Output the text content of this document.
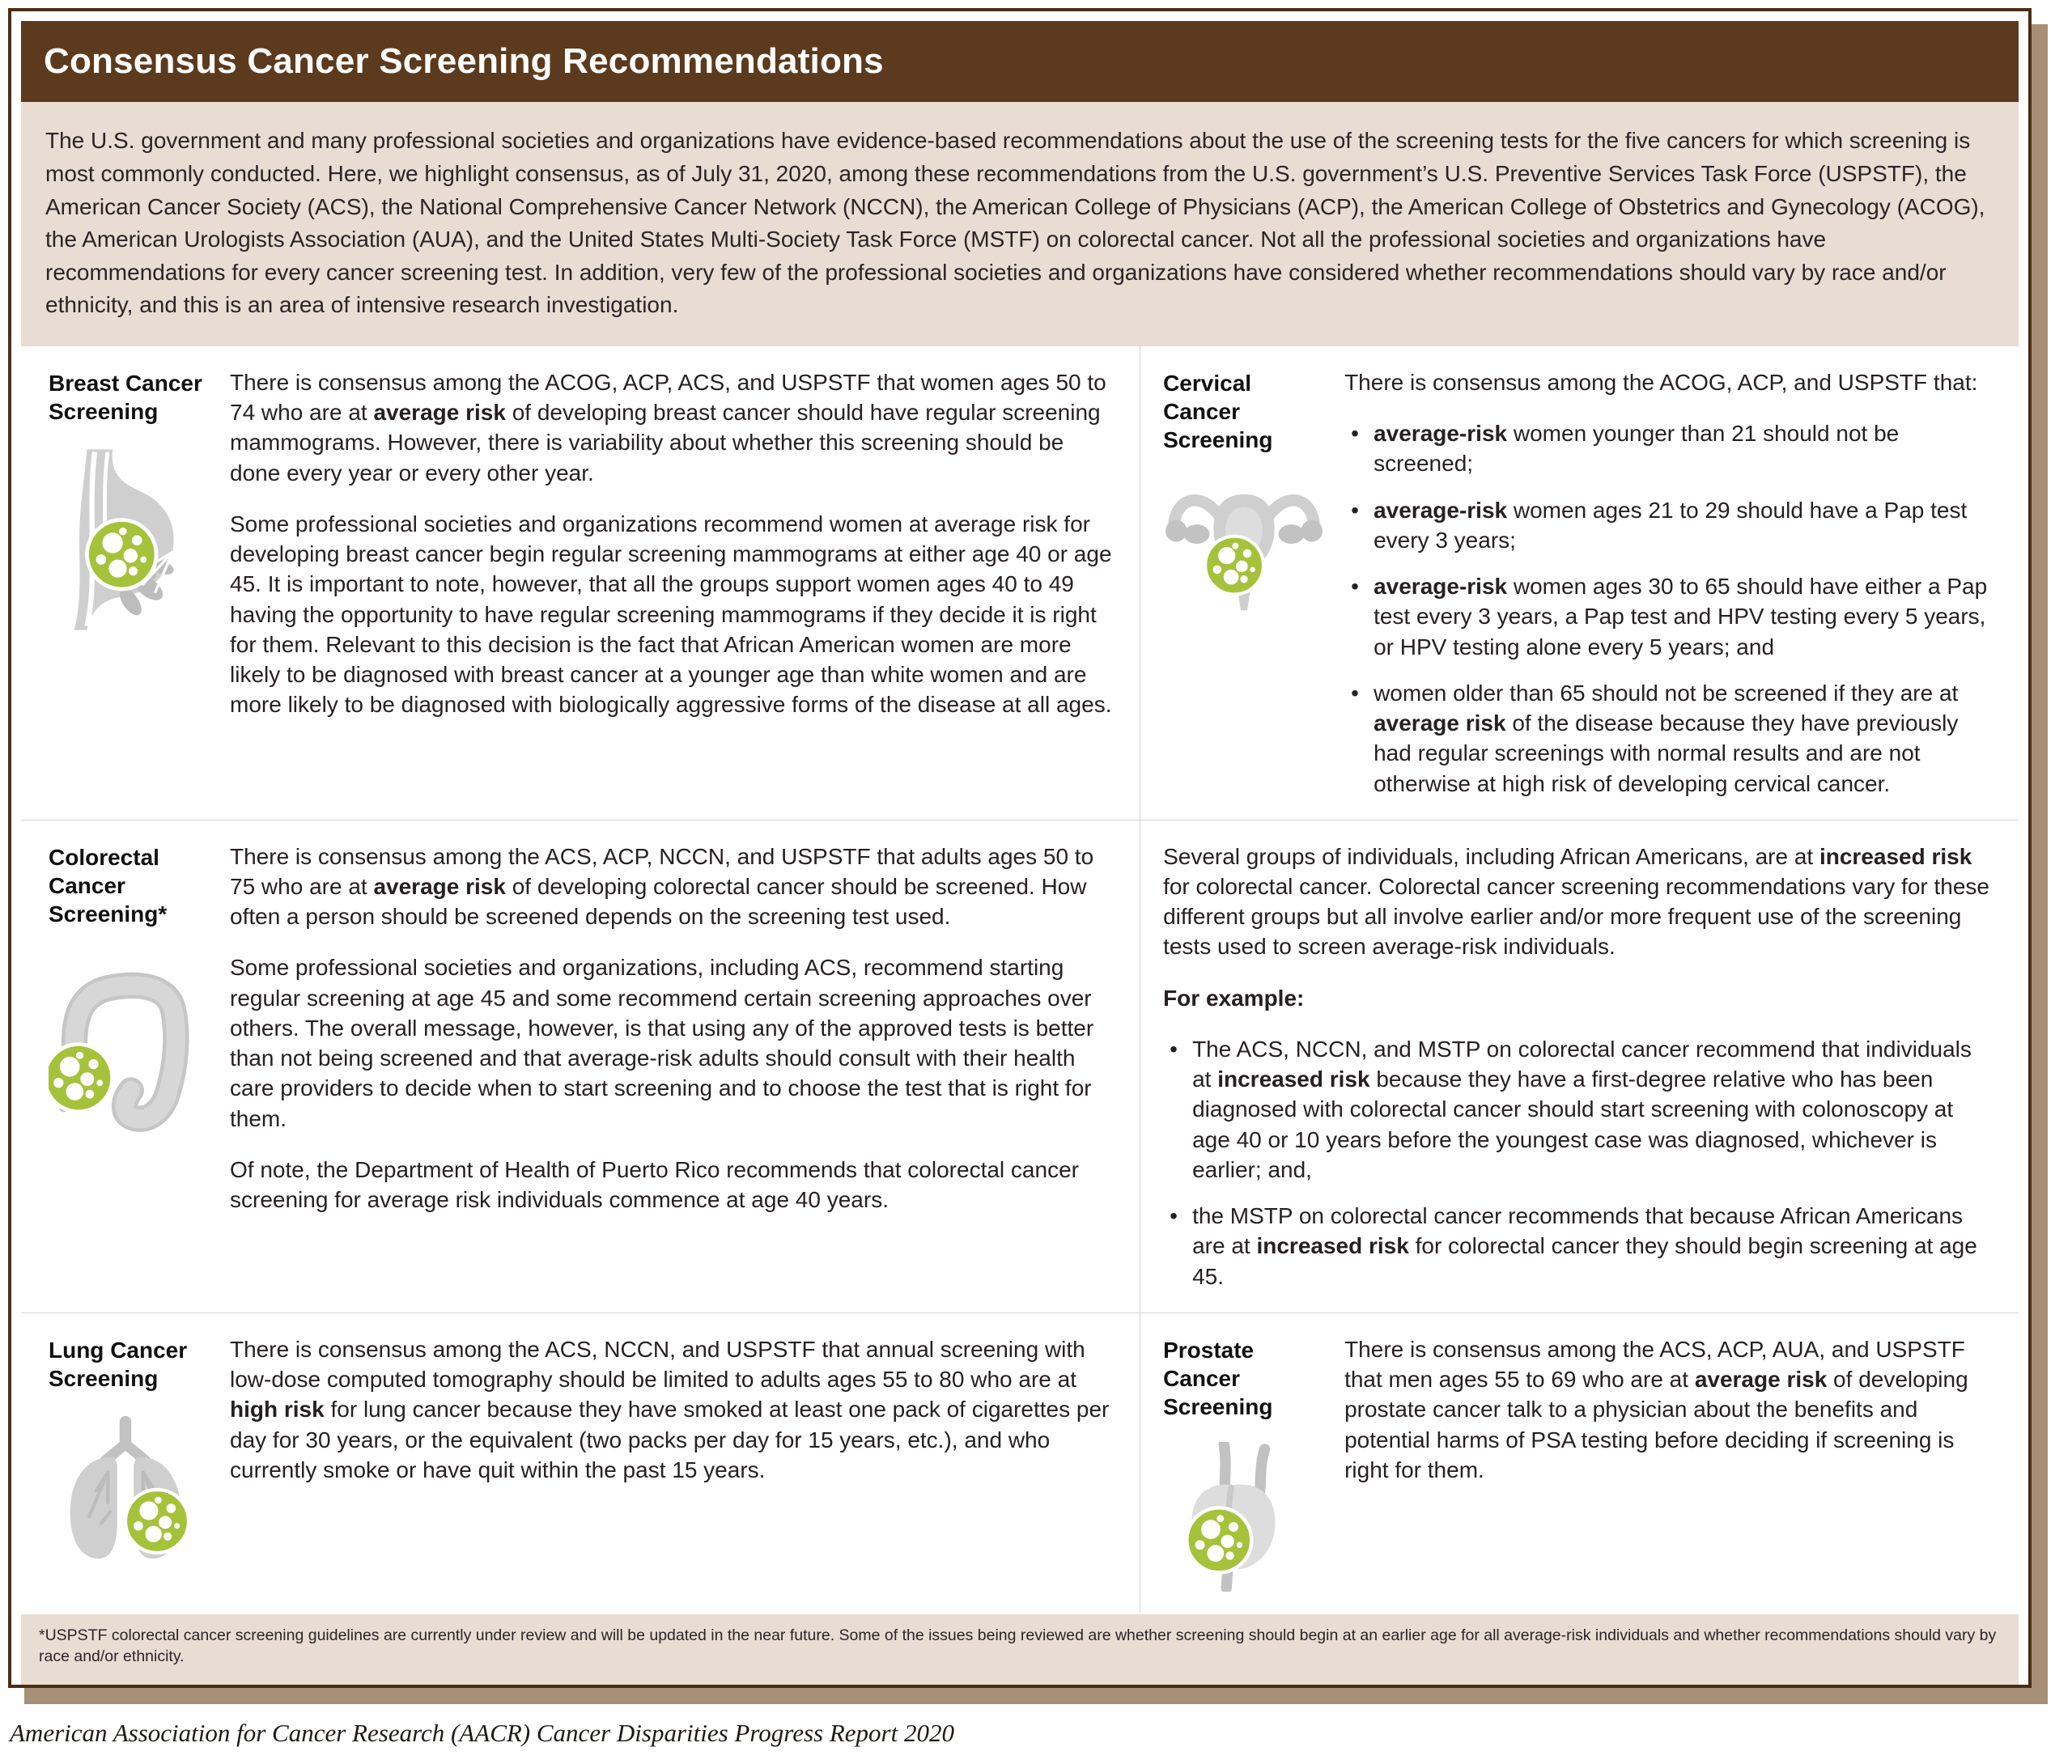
Consensus Cancer Screening Recommendations
The U.S. government and many professional societies and organizations have evidence-based recommendations about the use of the screening tests for the five cancers for which screening is most commonly conducted. Here, we highlight consensus, as of July 31, 2020, among these recommendations from the U.S. government’s U.S. Preventive Services Task Force (USPSTF), the American Cancer Society (ACS), the National Comprehensive Cancer Network (NCCN), the American College of Physicians (ACP), the American College of Obstetrics and Gynecology (ACOG), the American Urologists Association (AUA), and the United States Multi-Society Task Force (MSTF) on colorectal cancer. Not all the professional societies and organizations have recommendations for every cancer screening test. In addition, very few of the professional societies and organizations have considered whether recommendations should vary by race and/or ethnicity, and this is an area of intensive research investigation.
Breast Cancer Screening

There is consensus among the ACOG, ACP, ACS, and USPSTF that women ages 50 to 74 who are at average risk of developing breast cancer should have regular screening mammograms. However, there is variability about whether this screening should be done every year or every other year.

Some professional societies and organizations recommend women at average risk for developing breast cancer begin regular screening mammograms at either age 40 or age 45. It is important to note, however, that all the groups support women ages 40 to 49 having the opportunity to have regular screening mammograms if they decide it is right for them. Relevant to this decision is the fact that African American women are more likely to be diagnosed with breast cancer at a younger age than white women and are more likely to be diagnosed with biologically aggressive forms of the disease at all ages.

Cervical Cancer Screening

There is consensus among the ACOG, ACP, and USPSTF that:

• average-risk women younger than 21 should not be screened;
• average-risk women ages 21 to 29 should have a Pap test every 3 years;
• average-risk women ages 30 to 65 should have either a Pap test every 3 years, a Pap test and HPV testing every 5 years, or HPV testing alone every 5 years; and
• women older than 65 should not be screened if they are at average risk of the disease because they have previously had regular screenings with normal results and are not otherwise at high risk of developing cervical cancer.
Colorectal Cancer Screening*

There is consensus among the ACS, ACP, NCCN, and USPSTF that adults ages 50 to 75 who are at average risk of developing colorectal cancer should be screened. How often a person should be screened depends on the screening test used.

Some professional societies and organizations, including ACS, recommend starting regular screening at age 45 and some recommend certain screening approaches over others. The overall message, however, is that using any of the approved tests is better than not being screened and that average-risk adults should consult with their health care providers to decide when to start screening and to choose the test that is right for them.

Of note, the Department of Health of Puerto Rico recommends that colorectal cancer screening for average risk individuals commence at age 40 years.

Several groups of individuals, including African Americans, are at increased risk for colorectal cancer. Colorectal cancer screening recommendations vary for these different groups but all involve earlier and/or more frequent use of the screening tests used to screen average-risk individuals.

For example:

• The ACS, NCCN, and MSTP on colorectal cancer recommend that individuals at increased risk because they have a first-degree relative who has been diagnosed with colorectal cancer should start screening with colonoscopy at age 40 or 10 years before the youngest case was diagnosed, whichever is earlier; and,
• the MSTP on colorectal cancer recommends that because African Americans are at increased risk for colorectal cancer they should begin screening at age 45.
Lung Cancer Screening

There is consensus among the ACS, NCCN, and USPSTF that annual screening with low-dose computed tomography should be limited to adults ages 55 to 80 who are at high risk for lung cancer because they have smoked at least one pack of cigarettes per day for 30 years, or the equivalent (two packs per day for 15 years, etc.), and who currently smoke or have quit within the past 15 years.

Prostate Cancer Screening

There is consensus among the ACS, ACP, AUA, and USPSTF that men ages 55 to 69 who are at average risk of developing prostate cancer talk to a physician about the benefits and potential harms of PSA testing before deciding if screening is right for them.

*USPSTF colorectal cancer screening guidelines are currently under review and will be updated in the near future. Some of the issues being reviewed are whether screening should begin at an earlier age for all average-risk individuals and whether recommendations should vary by race and/or ethnicity.
American Association for Cancer Research (AACR) Cancer Disparities Progress Report 2020
